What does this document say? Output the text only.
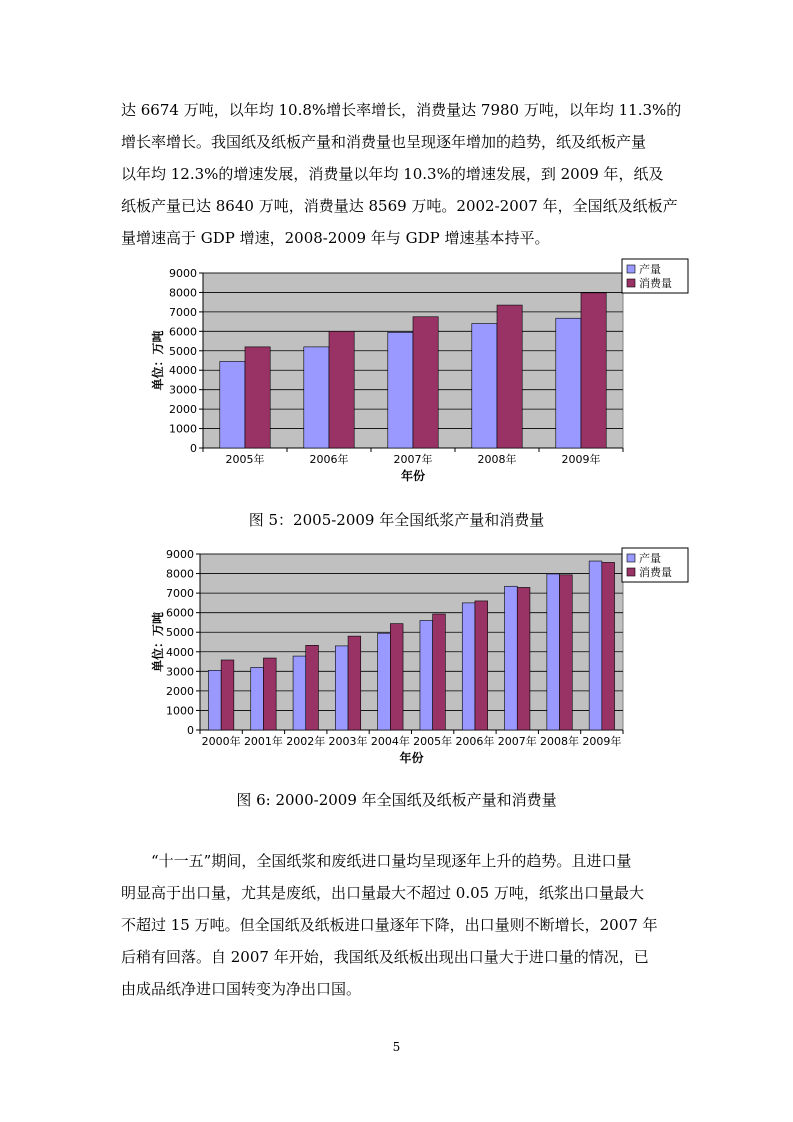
达 6674 万吨，以年均 10.8%增长率增长，消费量达 7980 万吨，以年均 11.3%的
增长率增长。我国纸及纸板产量和消费量也呈现逐年增加的趋势，纸及纸板产量
以年均 12.3%的增速发展，消费量以年均 10.3%的增速发展，到 2009 年，纸及
纸板产量已达 8640 万吨，消费量达 8569 万吨。2002-2007 年，全国纸及纸板产
量增速高于 GDP 增速，2008-2009 年与 GDP 增速基本持平。
0
1000
2000
3000
4000
5000
6000
7000
8000
9000
2005年	2006年	2007年	2008年	2009年
年份
单位：万吨
产量
消费量

图 5：2005-2009 年全国纸浆产量和消费量

0
1000
2000
3000
4000
5000
6000
7000
8000
9000
2000年 2001年 2002年 2003年 2004年 2005年 2006年 2007年 2008年 2009年
年份
单位：万吨
产量
消费量

图 6: 2000-2009 年全国纸及纸板产量和消费量

“十一五”期间，全国纸浆和废纸进口量均呈现逐年上升的趋势。且进口量
明显高于出口量，尤其是废纸，出口量最大不超过 0.05 万吨，纸浆出口量最大
不超过 15 万吨。但全国纸及纸板进口量逐年下降，出口量则不断增长，2007 年
后稍有回落。自 2007 年开始，我国纸及纸板出现出口量大于进口量的情况，已
由成品纸净进口国转变为净出口国。
5
